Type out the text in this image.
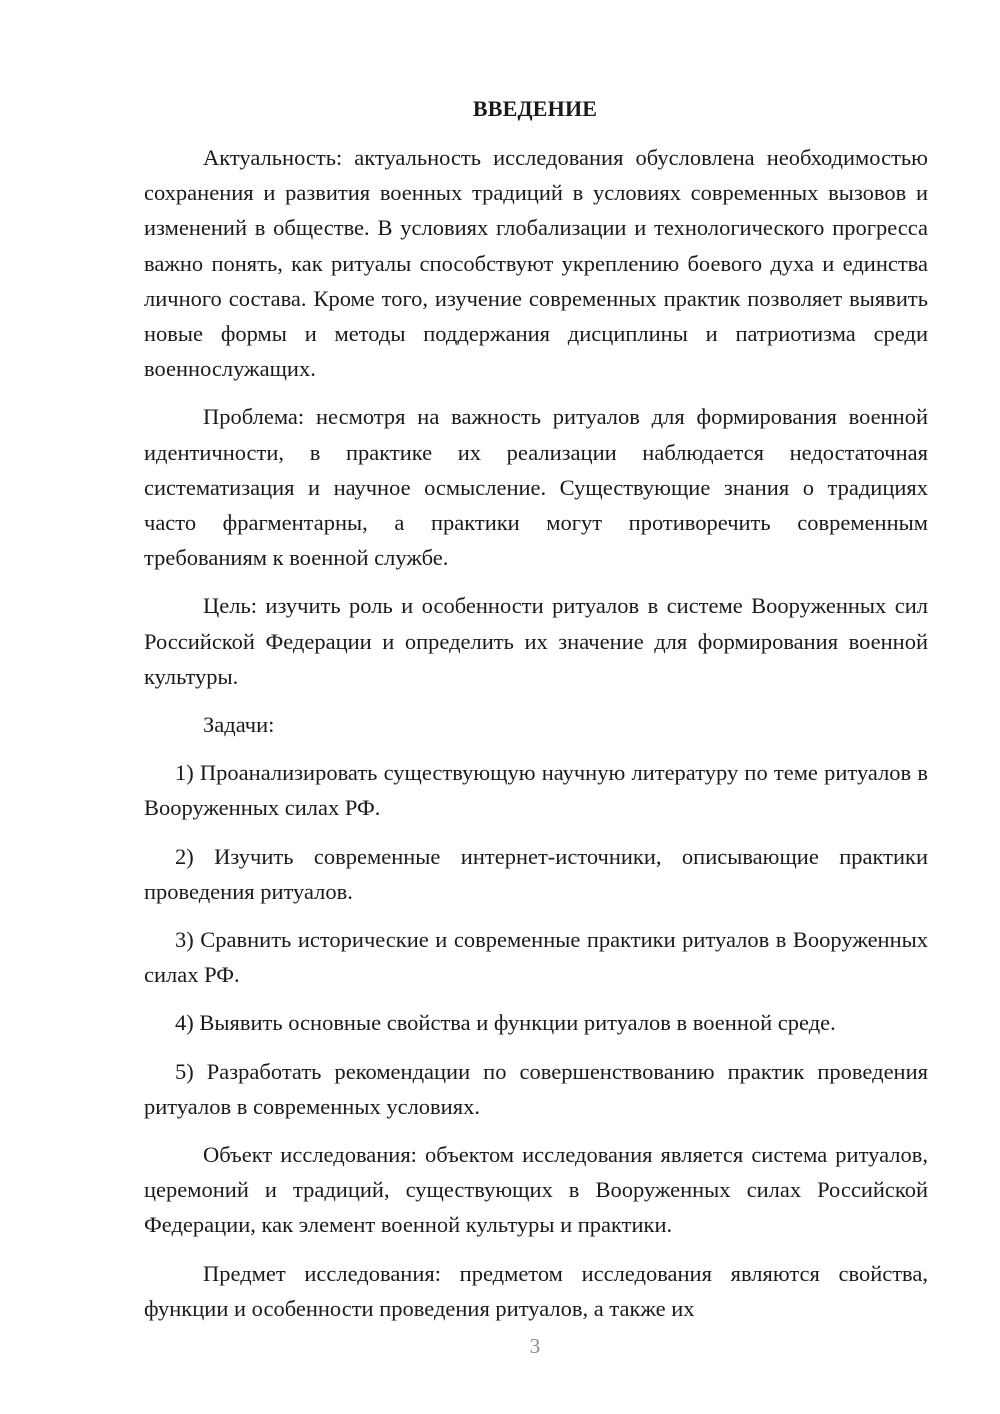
ВВЕДЕНИЕ

Актуальность: актуальность исследования обусловлена необходимостью сохранения и развития военных традиций в условиях современных вызовов и изменений в обществе. В условиях глобализации и технологического прогресса важно понять, как ритуалы способствуют укреплению боевого духа и единства личного состава. Кроме того, изучение современных практик позволяет выявить новые формы и методы поддержания дисциплины и патриотизма среди военнослужащих.

Проблема: несмотря на важность ритуалов для формирования военной идентичности, в практике их реализации наблюдается недостаточная систематизация и научное осмысление. Существующие знания о традициях часто фрагментарны, а практики могут противоречить современным требованиям к военной службе.

Цель: изучить роль и особенности ритуалов в системе Вооруженных сил Российской Федерации и определить их значение для формирования военной культуры.

Задачи:

1) Проанализировать существующую научную литературу по теме ритуалов в Вооруженных силах РФ.

2) Изучить современные интернет-источники, описывающие практики проведения ритуалов.

3) Сравнить исторические и современные практики ритуалов в Вооруженных силах РФ.

4) Выявить основные свойства и функции ритуалов в военной среде.

5) Разработать рекомендации по совершенствованию практик проведения ритуалов в современных условиях.

Объект исследования: объектом исследования является система ритуалов, церемоний и традиций, существующих в Вооруженных силах Российской Федерации, как элемент военной культуры и практики.

Предмет исследования: предметом исследования являются свойства, функции и особенности проведения ритуалов, а также их

3
